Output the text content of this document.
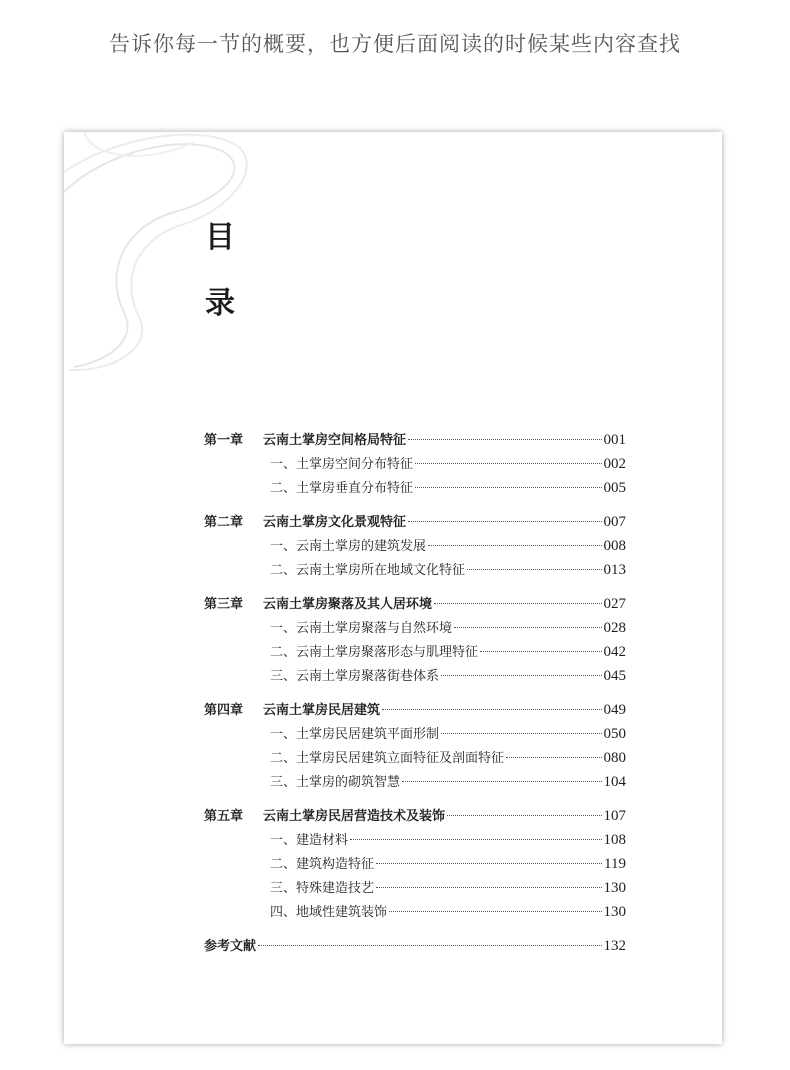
告诉你每一节的概要，也方便后面阅读的时候某些内容查找
目
录
第一章	云南土掌房空间格局特征	001
一、土掌房空间分布特征	002
二、土掌房垂直分布特征	005
第二章	云南土掌房文化景观特征	007
一、云南土掌房的建筑发展	008
二、云南土掌房所在地域文化特征	013
第三章	云南土掌房聚落及其人居环境	027
一、云南土掌房聚落与自然环境	028
二、云南土掌房聚落形态与肌理特征	042
三、云南土掌房聚落街巷体系	045
第四章	云南土掌房民居建筑	049
一、土掌房民居建筑平面形制	050
二、土掌房民居建筑立面特征及剖面特征	080
三、土掌房的砌筑智慧	104
第五章	云南土掌房民居营造技术及装饰	107
一、建造材料	108
二、建筑构造特征	119
三、特殊建造技艺	130
四、地域性建筑装饰	130
参考文献	132
